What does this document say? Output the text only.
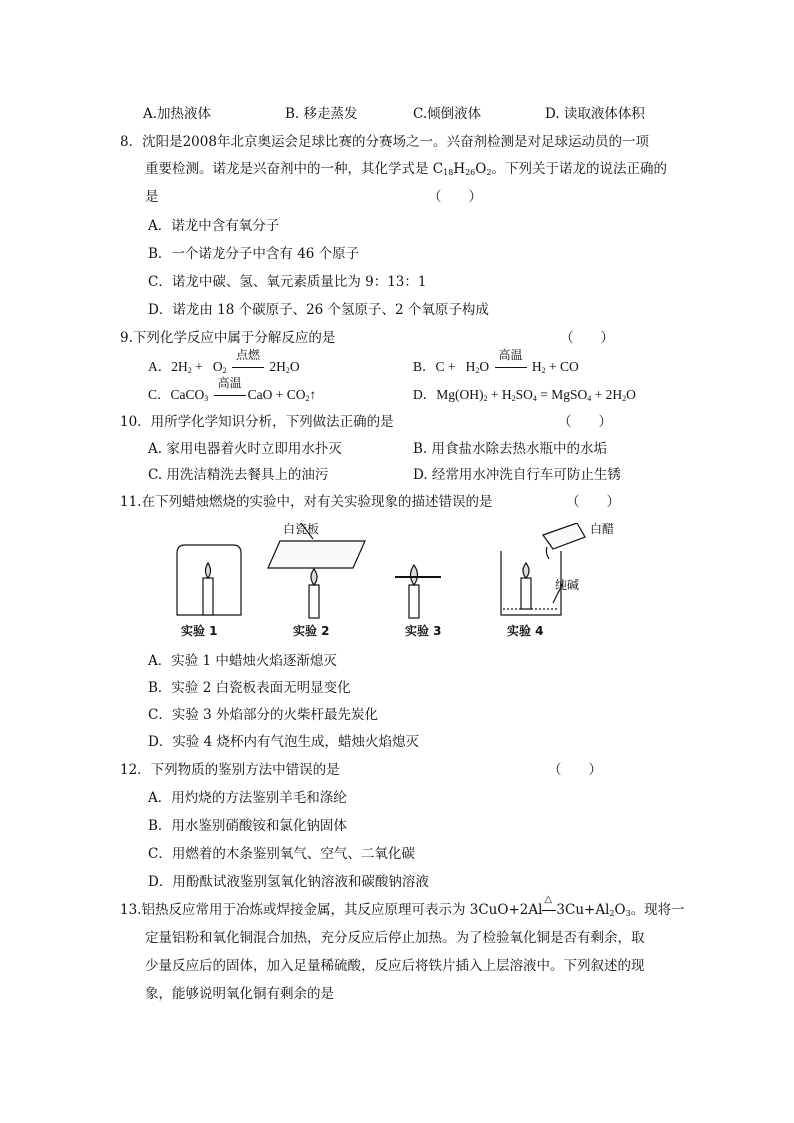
A.加热液体	B. 移走蒸发	C.倾倒液体	D. 读取液体体积
8．沈阳是2008年北京奥运会足球比赛的分赛场之一。兴奋剂检测是对足球运动员的一项
重要检测。诺龙是兴奋剂中的一种，其化学式是 $C_{18}H_{26}O_2$。下列关于诺龙的说法正确的
是	（　　）
A．诺龙中含有氧分子
B．一个诺龙分子中含有 46 个原子
C．诺龙中碳、氢、氧元素质量比为 9：13：1
D．诺龙由 18 个碳原子、26 个氢原子、2 个氧原子构成
9.下列化学反应中属于分解反应的是	（　　）
A．$2H_2 + O_2$
点燃
$2H_2O$	B．$C + H_2O$
高温
$H_2$ + CO
C．CaCO$_3$
高温
CaO + $CO_2↑$	D．$Mg(OH)_2 + H_2SO_4$ = MgSO$_4$ + $2H_2O$
10．用所学化学知识分析，下列做法正确的是	（　　）
A. 家用电器着火时立即用水扑灭	B. 用食盐水除去热水瓶中的水垢
C. 用洗洁精洗去餐具上的油污	D. 经常用水冲洗自行车可防止生锈
11.在下列蜡烛燃烧的实验中，对有关实验现象的描述错误的是	（　　）
白瓷板	白醋
纯碱
实验 1	实验 2	实验 3	实验 4
A．实验 1 中蜡烛火焰逐渐熄灭
B．实验 2 白瓷板表面无明显变化
C．实验 3 外焰部分的火柴杆最先炭化
D．实验 4 烧杯内有气泡生成，蜡烛火焰熄灭
12．下列物质的鉴别方法中错误的是	（　　）
A．用灼烧的方法鉴别羊毛和涤纶
B．用水鉴别硝酸铵和氯化钠固体
C．用燃着的木条鉴别氧气、空气、二氧化碳
D．用酚酞试液鉴别氢氧化钠溶液和碳酸钠溶液
13.铝热反应常用于冶炼或焊接金属，其反应原理可表示为 3CuO+2Al
△
$3Cu+Al_2O_3$。现将一
定量铝粉和氧化铜混合加热，充分反应后停止加热。为了检验氧化铜是否有剩余，取
少量反应后的固体，加入足量稀硫酸，反应后将铁片插入上层溶液中。下列叙述的现
象，能够说明氧化铜有剩余的是
